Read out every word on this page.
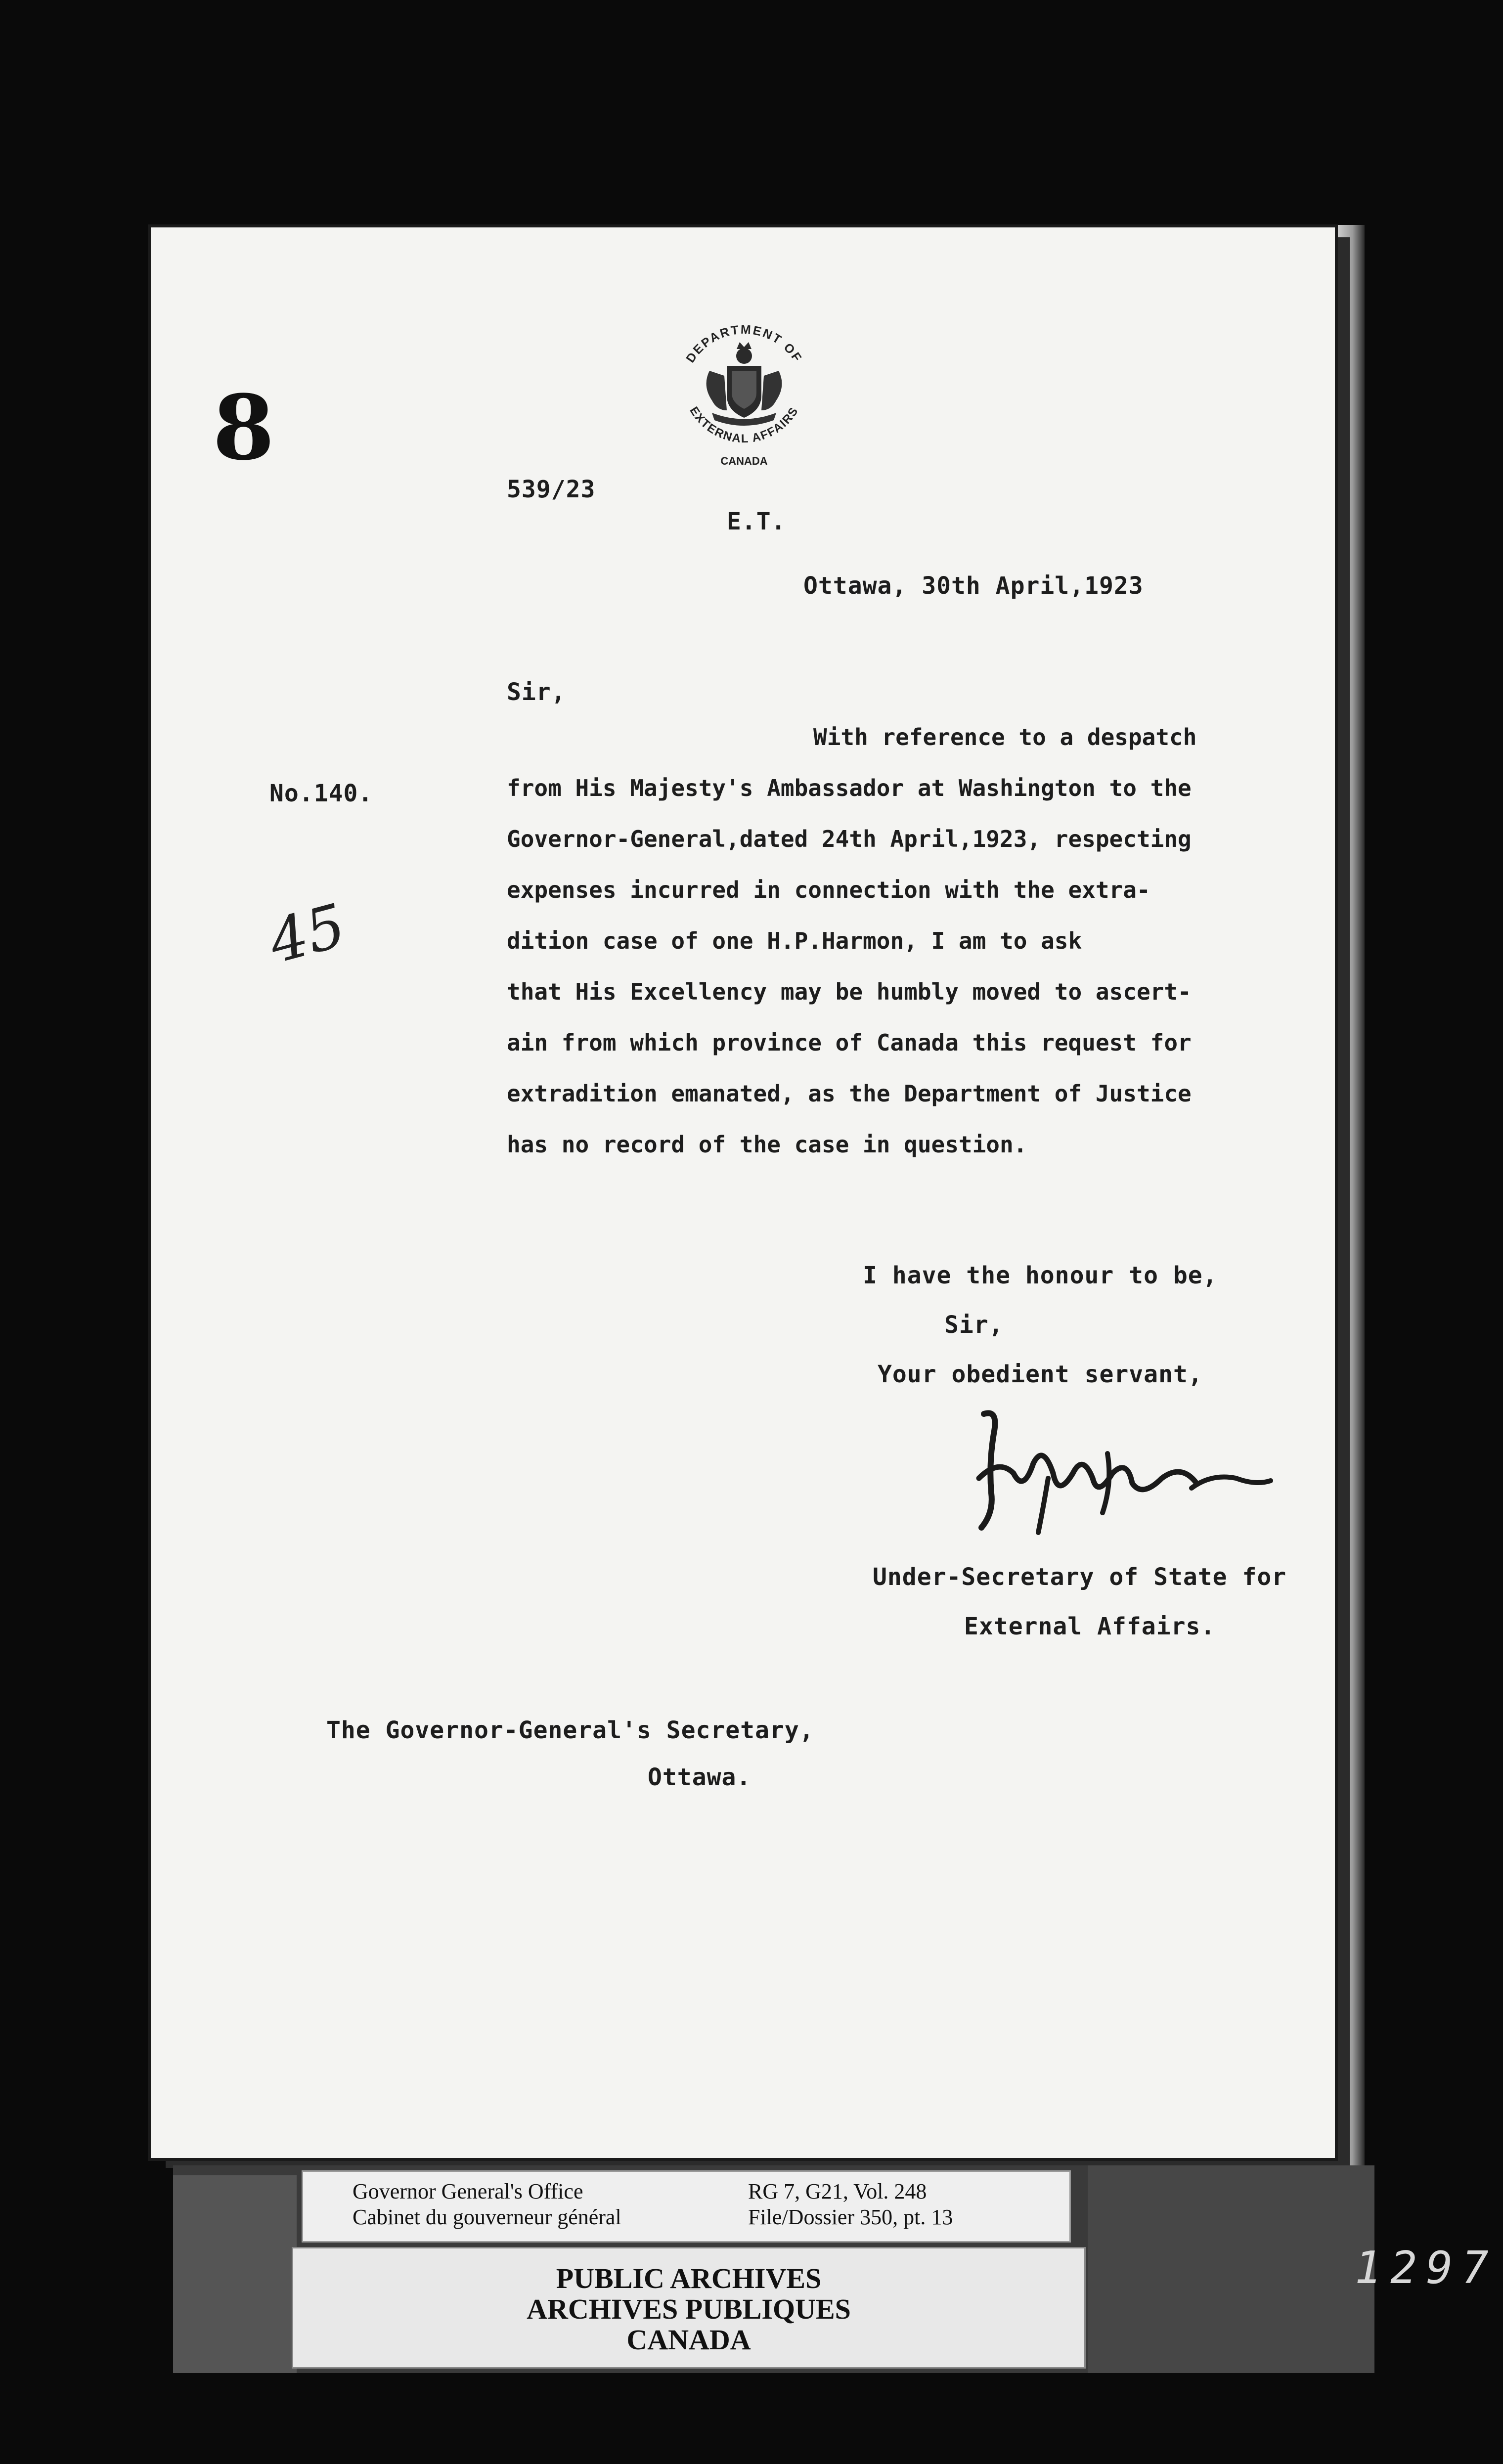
DEPARTMENT OF
EXTERNAL AFFAIRS
CANADA
539/23
E.T.
Ottawa, 30th April,1923
Sir,
No.140.
With reference to a despatch
from His Majesty's Ambassador at Washington to the
Governor-General,dated 24th April,1923, respecting
expenses incurred in connection with the extra-
dition case of one H.P.Harmon, I am to ask
that His Excellency may be humbly moved to ascert-
ain from which province of Canada this request for
extradition emanated, as the Department of Justice
has no record of the case in question.
I have the honour to be,
Sir,
Your obedient servant,
Under-Secretary of State for
External Affairs.
The Governor-General's Secretary,
Ottawa.
8
45
Governor General's Office
Cabinet du gouverneur général
RG 7, G21, Vol. 248
File/Dossier 350, pt. 13
PUBLIC ARCHIVES
ARCHIVES PUBLIQUES
CANADA
1297
